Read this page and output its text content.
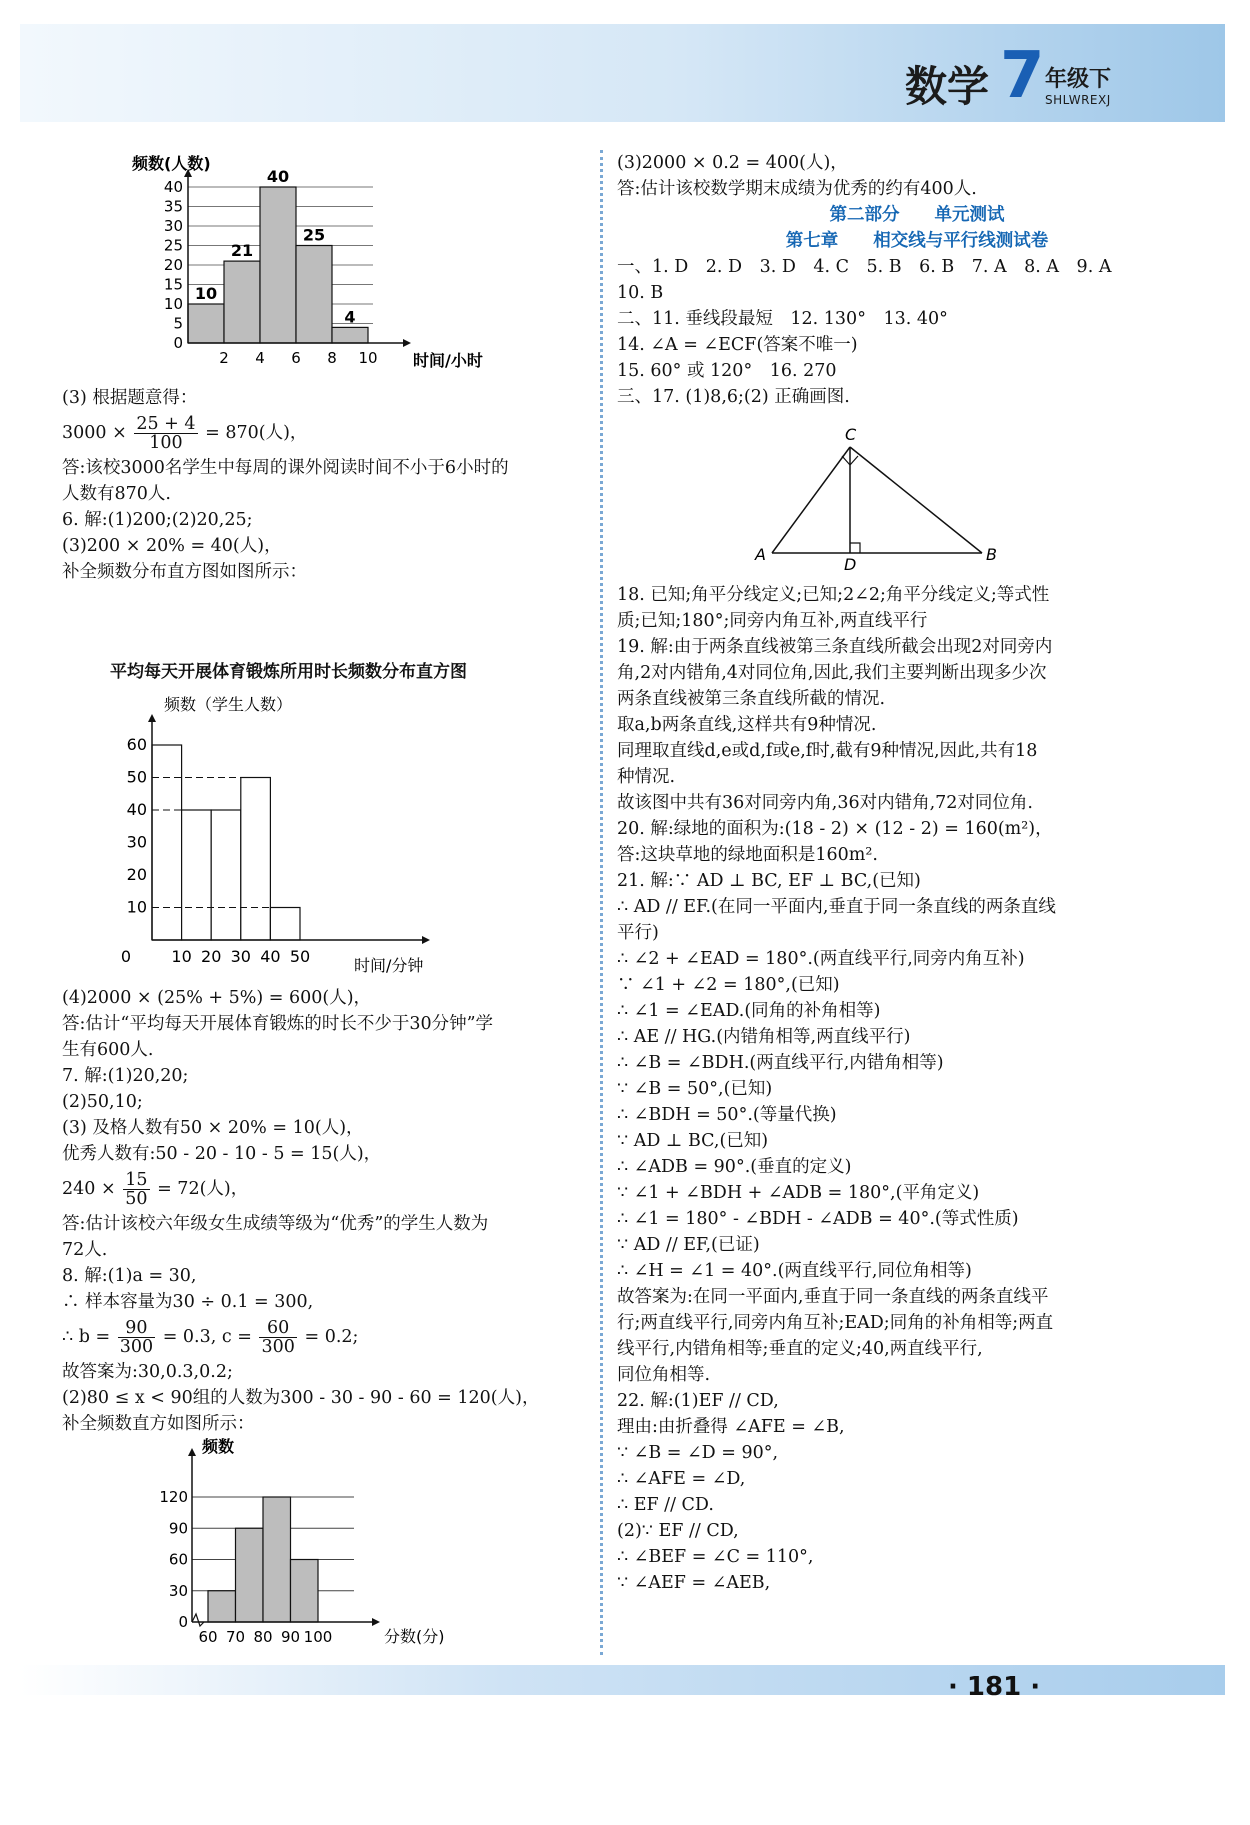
数学 7 年级下
SHLWREXJ
10
21
40
25
4
40
35
30
25
20
15
10
5
0
2 4 6 8 10
频数(人数)
时间/小时
(3) 根据题意得：
$3000 \times \frac{25 + 4}{100} = 870$(人)，
答:该校3000名学生中每周的课外阅读时间不小于6小时的
人数有870人.
6. 解:(1)200;(2)20,25;
(3)200 × 20% = 40(人)，
补全频数分布直方图如图所示：
平均每天开展体育锻炼所用时长频数分布直方图
60
50
40
30
20
10
0	10 20 30 40 50
频数（学生人数）
时间/分钟
(4)2000 × (25% + 5%) = 600(人)，
答:估计“平均每天开展体育锻炼的时长不少于30分钟”学
生有600人.
7. 解:(1)20,20;
(2)50,10;
(3) 及格人数有50 × 20% = 10(人)，
优秀人数有:50 - 20 - 10 - 5 = 15(人)，
$240 \times \frac{15}{50} = 72$(人)，
答:估计该校六年级女生成绩等级为“优秀”的学生人数为
72人.
8. 解:(1)a = 30,
∴ 样本容量为30 ÷ 0.1 = 300,
∴ $b = \frac{90}{300} = 0.3$, $c = \frac{60}{300} = 0.2$;
故答案为:30,0.3,0.2;
(2)80 ≤ x < 90组的人数为300 - 30 - 90 - 60 = 120(人)，
补全频数直方如图所示：
120
90
60
30
0
60 70 80 90 100
频数
分数(分)
(3)2000 × 0.2 = 400(人)，
答:估计该校数学期末成绩为优秀的约有400人.
第二部分　　单元测试
第七章　　相交线与平行线测试卷
一、1. D　2. D　3. D　4. C　5. B　6. B　7. A　8. A　9. A
10. B
二、11. 垂线段最短　12. 130°　13. 40°
14. ∠A = ∠ECF(答案不唯一)
15. 60° 或 120°　16. 270
三、17. (1)8,6;(2) 正确画图.
C
A
D
B
18. 已知;角平分线定义;已知;2∠2;角平分线定义;等式性
质;已知;180°;同旁内角互补,两直线平行
19. 解:由于两条直线被第三条直线所截会出现2对同旁内
角,2对内错角,4对同位角,因此,我们主要判断出现多少次
两条直线被第三条直线所截的情况.
取a,b两条直线,这样共有9种情况.
同理取直线d,e或d,f或e,f时,截有9种情况,因此,共有18
种情况.
故该图中共有36对同旁内角,36对内错角,72对同位角.
20. 解:绿地的面积为:(18 - 2) × (12 - 2) = 160(m²)，
答:这块草地的绿地面积是160m².
21. 解:∵ AD ⊥ BC, EF ⊥ BC,(已知)
∴ AD // EF.(在同一平面内,垂直于同一条直线的两条直线
平行)
∴ ∠2 + ∠EAD = 180°.(两直线平行,同旁内角互补)
∵ ∠1 + ∠2 = 180°,(已知)
∴ ∠1 = ∠EAD.(同角的补角相等)
∴ AE // HG.(内错角相等,两直线平行)
∴ ∠B = ∠BDH.(两直线平行,内错角相等)
∵ ∠B = 50°,(已知)
∴ ∠BDH = 50°.(等量代换)
∵ AD ⊥ BC,(已知)
∴ ∠ADB = 90°.(垂直的定义)
∵ ∠1 + ∠BDH + ∠ADB = 180°,(平角定义)
∴ ∠1 = 180° - ∠BDH - ∠ADB = 40°.(等式性质)
∵ AD // EF,(已证)
∴ ∠H = ∠1 = 40°.(两直线平行,同位角相等)
故答案为:在同一平面内,垂直于同一条直线的两条直线平
行;两直线平行,同旁内角互补;EAD;同角的补角相等;两直
线平行,内错角相等;垂直的定义;40,两直线平行,
同位角相等.
22. 解:(1)EF // CD,
理由:由折叠得 ∠AFE = ∠B,
∵ ∠B = ∠D = 90°,
∴ ∠AFE = ∠D,
∴ EF // CD.
(2)∵ EF // CD,
∴ ∠BEF = ∠C = 110°,
∵ ∠AEF = ∠AEB,
· 181 ·
